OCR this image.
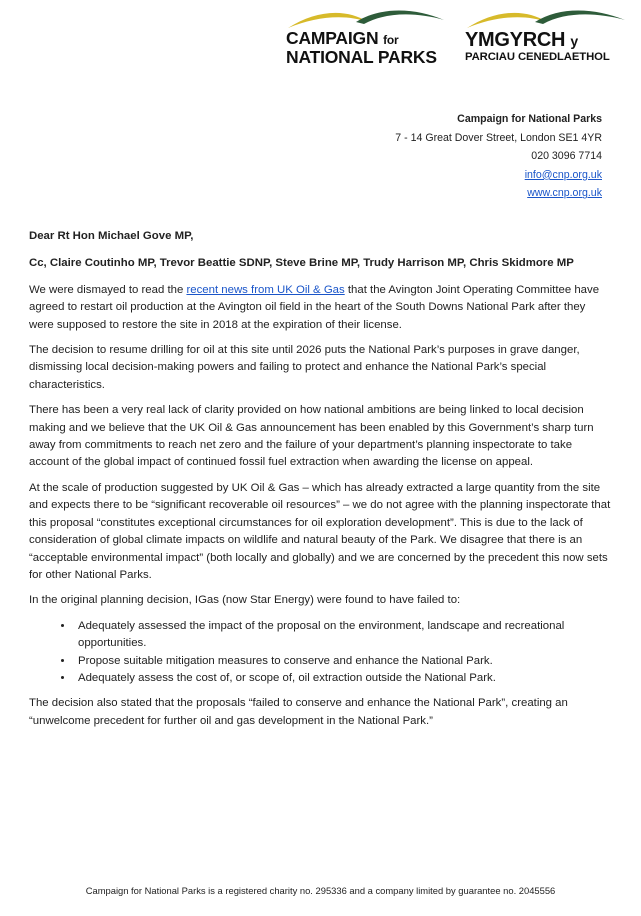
CAMPAIGN for
NATIONAL PARKS
YMGYRCH y
PARCIAU CENEDLAETHOL
Campaign for National Parks
7 - 14 Great Dover Street, London SE1 4YR
020 3096 7714
info@cnp.org.uk
www.cnp.org.uk

Dear Rt Hon Michael Gove MP,

Cc, Claire Coutinho MP, Trevor Beattie SDNP, Steve Brine MP, Trudy Harrison MP, Chris Skidmore MP

We were dismayed to read the recent news from UK Oil & Gas that the Avington Joint Operating Committee have agreed to restart oil production at the Avington oil field in the heart of the South Downs National Park after they were supposed to restore the site in 2018 at the expiration of their license.

The decision to resume drilling for oil at this site until 2026 puts the National Park’s purposes in grave danger, dismissing local decision-making powers and failing to protect and enhance the National Park’s special characteristics.

There has been a very real lack of clarity provided on how national ambitions are being linked to local decision making and we believe that the UK Oil & Gas announcement has been enabled by this Government’s sharp turn away from commitments to reach net zero and the failure of your department’s planning inspectorate to take account of the global impact of continued fossil fuel extraction when awarding the license on appeal.

At the scale of production suggested by UK Oil & Gas – which has already extracted a large quantity from the site and expects there to be “significant recoverable oil resources” – we do not agree with the planning inspectorate that this proposal “constitutes exceptional circumstances for oil exploration development”. This is due to the lack of consideration of global climate impacts on wildlife and natural beauty of the Park. We disagree that there is an “acceptable environmental impact” (both locally and globally) and we are concerned by the precedent this now sets for other National Parks.

In the original planning decision, IGas (now Star Energy) were found to have failed to:

• Adequately assessed the impact of the proposal on the environment, landscape and recreational opportunities.
• Propose suitable mitigation measures to conserve and enhance the National Park.
• Adequately assess the cost of, or scope of, oil extraction outside the National Park.

The decision also stated that the proposals “failed to conserve and enhance the National Park”, creating an “unwelcome precedent for further oil and gas development in the National Park.”

Campaign for National Parks is a registered charity no. 295336 and a company limited by guarantee no. 2045556
